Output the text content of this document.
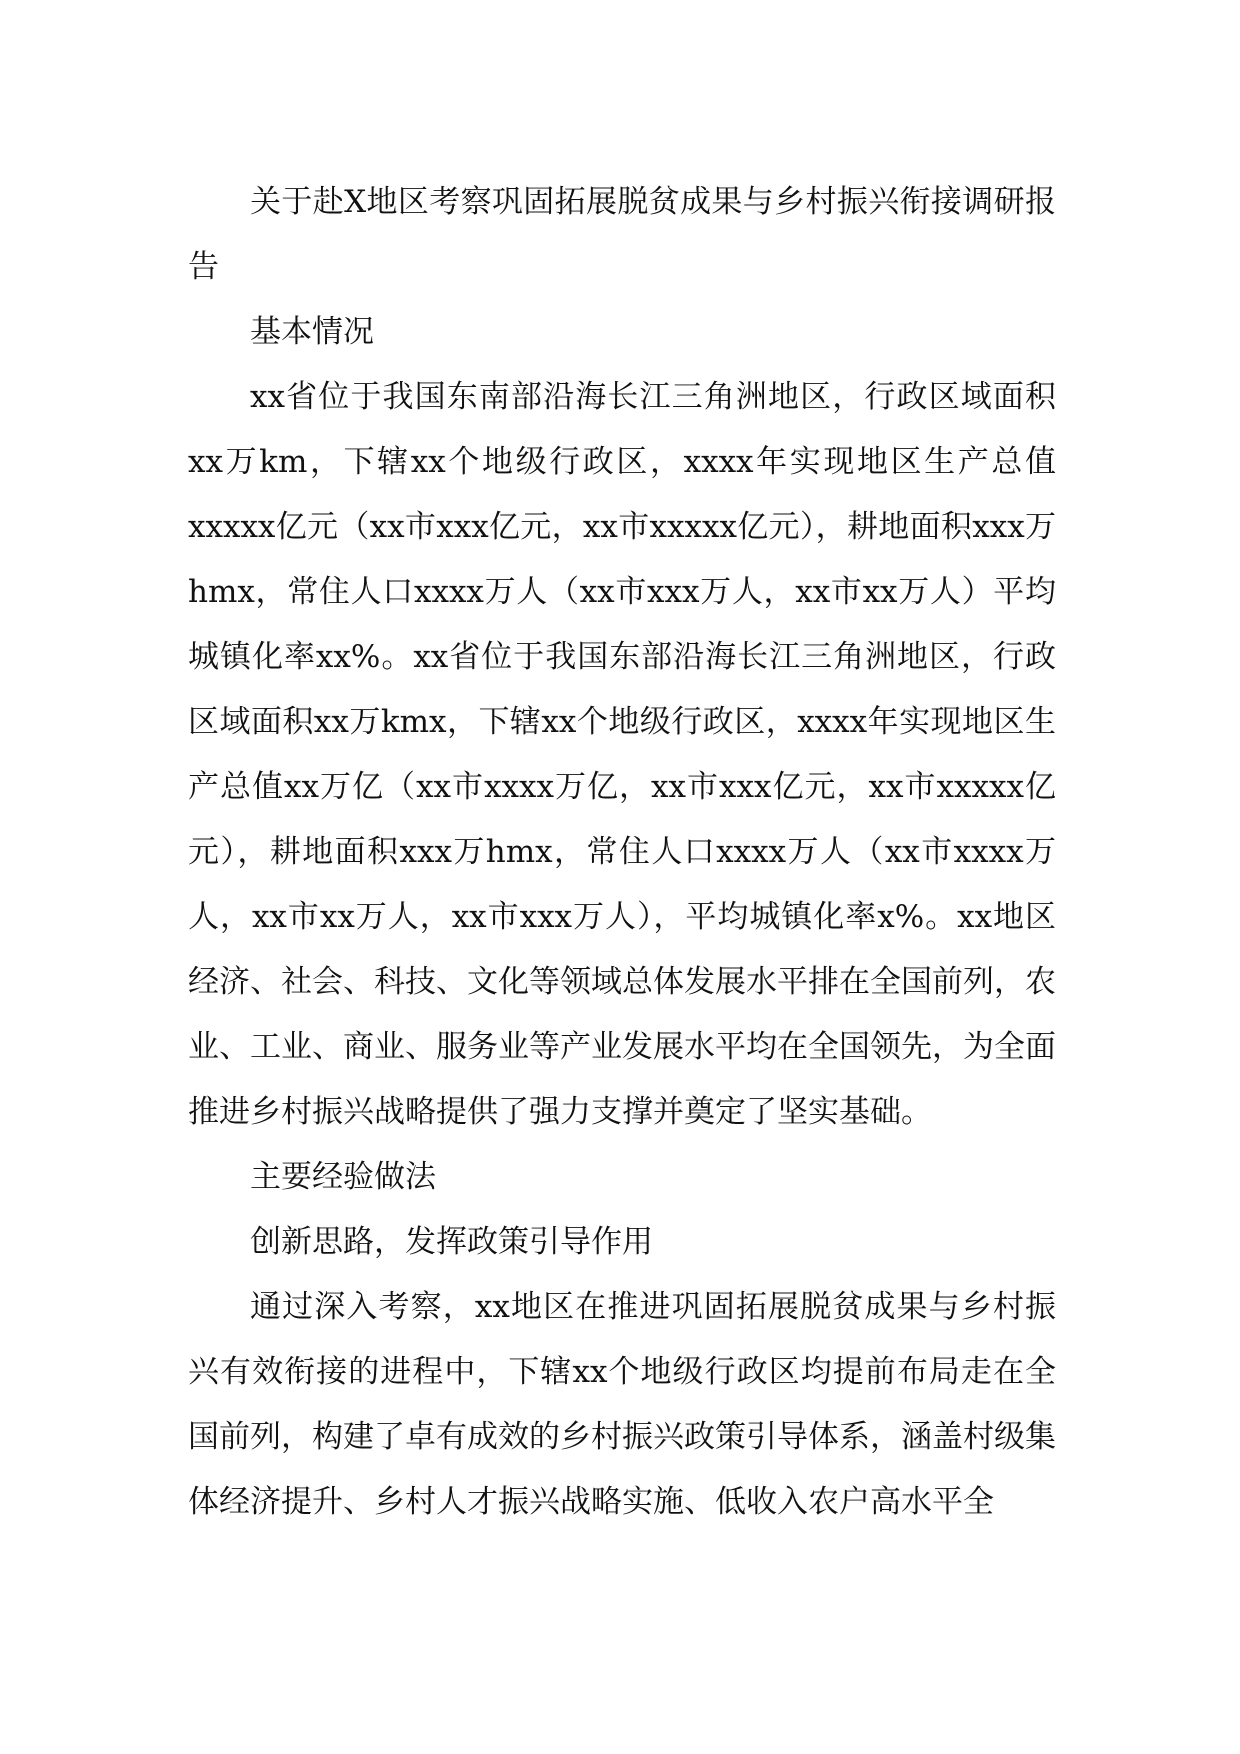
关于赴X地区考察巩固拓展脱贫成果与乡村振兴衔接调研报告

基本情况

xx省位于我国东南部沿海长江三角洲地区，行政区域面积xx万km，下辖xx个地级行政区，xxxx年实现地区生产总值xxxxx亿元（xx市xxx亿元，xx市xxxxx亿元），耕地面积xxx万hmx，常住人口xxxx万人（xx市xxx万人，xx市xx万人）平均城镇化率xx%。xx省位于我国东部沿海长江三角洲地区，行政区域面积xx万kmx，下辖xx个地级行政区，xxxx年实现地区生产总值xx万亿（xx市xxxx万亿，xx市xxx亿元，xx市xxxxx亿元），耕地面积xxx万hmx，常住人口xxxx万人（xx市xxxx万人，xx市xx万人，xx市xxx万人），平均城镇化率x%。xx地区经济、社会、科技、文化等领域总体发展水平排在全国前列，农业、工业、商业、服务业等产业发展水平均在全国领先，为全面推进乡村振兴战略提供了强力支撑并奠定了坚实基础。

主要经验做法

创新思路，发挥政策引导作用

通过深入考察，xx地区在推进巩固拓展脱贫成果与乡村振兴有效衔接的进程中，下辖xx个地级行政区均提前布局走在全国前列，构建了卓有成效的乡村振兴政策引导体系，涵盖村级集体经济提升、乡村人才振兴战略实施、低收入农户高水平全
